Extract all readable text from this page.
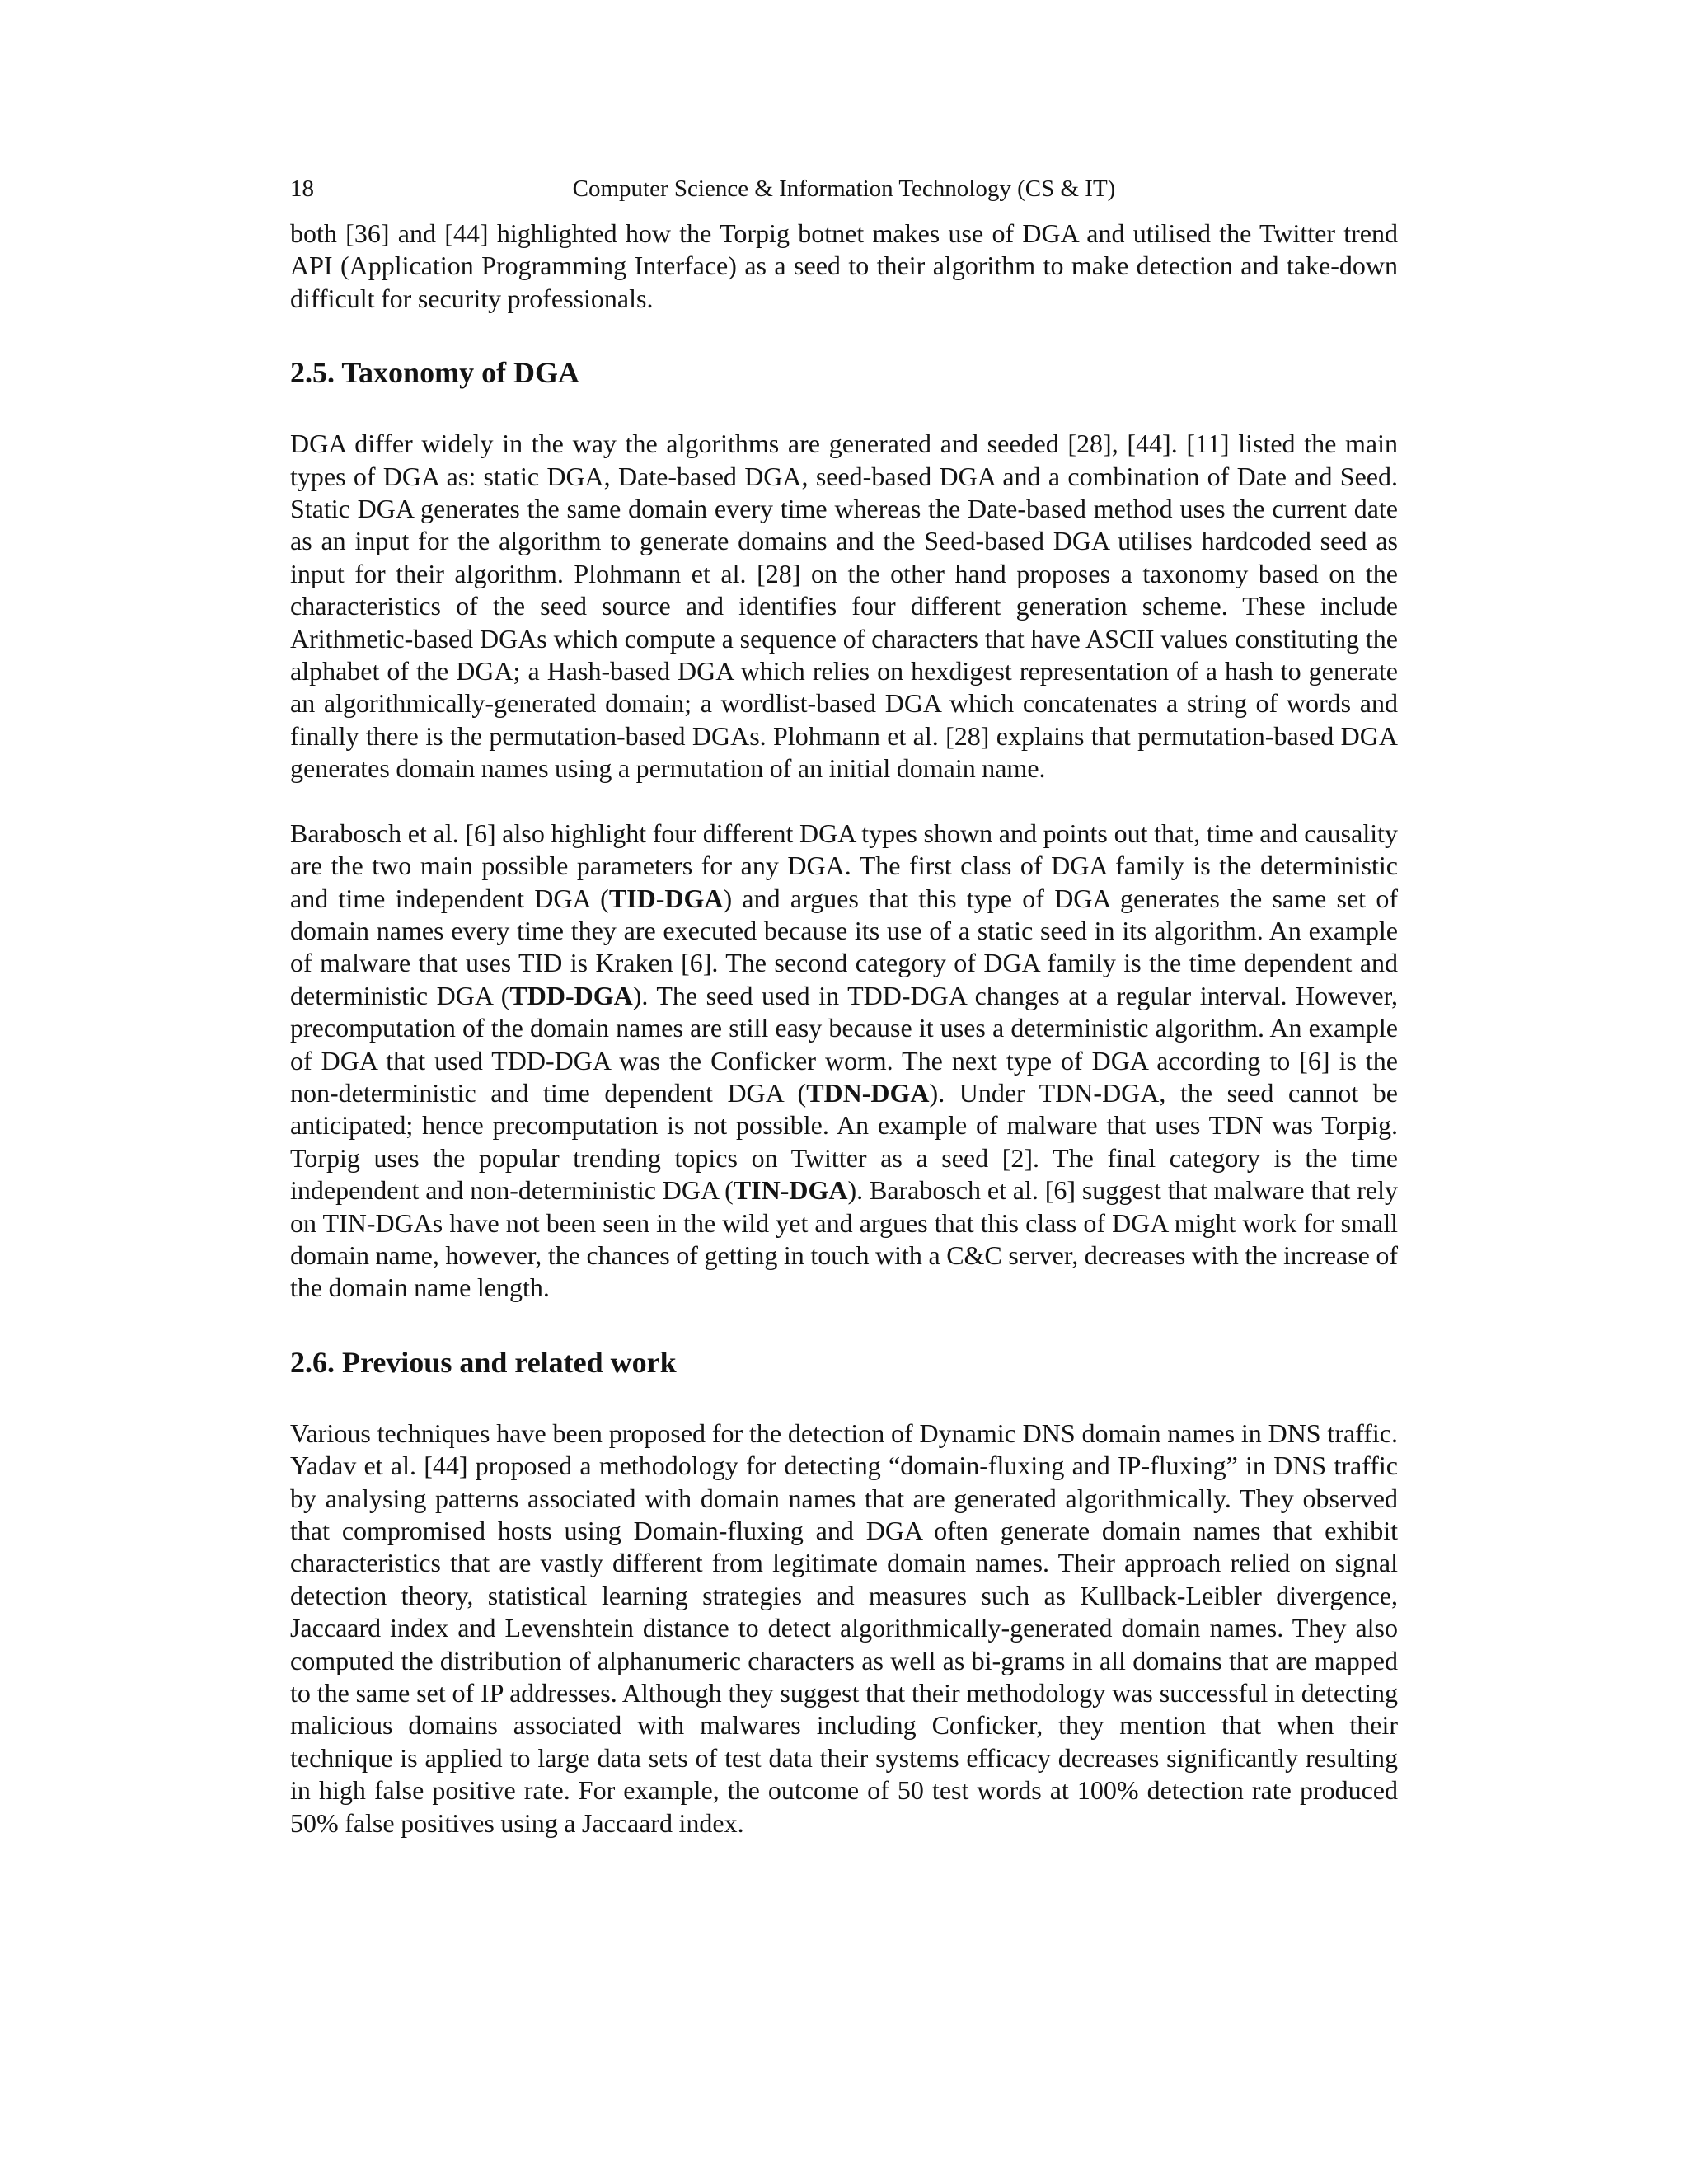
18	Computer Science & Information Technology (CS & IT)

both [36] and [44] highlighted how the Torpig botnet makes use of DGA and utilised the Twitter trend API (Application Programming Interface) as a seed to their algorithm to make detection and take-down difficult for security professionals.

2.5. Taxonomy of DGA

DGA differ widely in the way the algorithms are generated and seeded [28], [44]. [11] listed the main types of DGA as: static DGA, Date-based DGA, seed-based DGA and a combination of Date and Seed. Static DGA generates the same domain every time whereas the Date-based method uses the current date as an input for the algorithm to generate domains and the Seed-based DGA utilises hardcoded seed as input for their algorithm. Plohmann et al. [28] on the other hand proposes a taxonomy based on the characteristics of the seed source and identifies four different generation scheme. These include Arithmetic-based DGAs which compute a sequence of characters that have ASCII values constituting the alphabet of the DGA; a Hash-based DGA which relies on hexdigest representation of a hash to generate an algorithmically-generated domain; a wordlist-based DGA which concatenates a string of words and finally there is the permutation-based DGAs. Plohmann et al. [28] explains that permutation-based DGA generates domain names using a permutation of an initial domain name.

Barabosch et al. [6] also highlight four different DGA types shown and points out that, time and causality are the two main possible parameters for any DGA. The first class of DGA family is the deterministic and time independent DGA (TID-DGA) and argues that this type of DGA generates the same set of domain names every time they are executed because its use of a static seed in its algorithm. An example of malware that uses TID is Kraken [6]. The second category of DGA family is the time dependent and deterministic DGA (TDD-DGA). The seed used in TDD-DGA changes at a regular interval. However, precomputation of the domain names are still easy because it uses a deterministic algorithm. An example of DGA that used TDD-DGA was the Conficker worm. The next type of DGA according to [6] is the non-deterministic and time dependent DGA (TDN-DGA). Under TDN-DGA, the seed cannot be anticipated; hence precomputation is not possible. An example of malware that uses TDN was Torpig. Torpig uses the popular trending topics on Twitter as a seed [2]. The final category is the time independent and non-deterministic DGA (TIN-DGA). Barabosch et al. [6] suggest that malware that rely on TIN-DGAs have not been seen in the wild yet and argues that this class of DGA might work for small domain name, however, the chances of getting in touch with a C&C server, decreases with the increase of the domain name length.

2.6. Previous and related work

Various techniques have been proposed for the detection of Dynamic DNS domain names in DNS traffic. Yadav et al. [44] proposed a methodology for detecting “domain-fluxing and IP-fluxing” in DNS traffic by analysing patterns associated with domain names that are generated algorithmically. They observed that compromised hosts using Domain-fluxing and DGA often generate domain names that exhibit characteristics that are vastly different from legitimate domain names. Their approach relied on signal detection theory, statistical learning strategies and measures such as Kullback-Leibler divergence, Jaccaard index and Levenshtein distance to detect algorithmically-generated domain names. They also computed the distribution of alphanumeric characters as well as bi-grams in all domains that are mapped to the same set of IP addresses. Although they suggest that their methodology was successful in detecting malicious domains associated with malwares including Conficker, they mention that when their technique is applied to large data sets of test data their systems efficacy decreases significantly resulting in high false positive rate. For example, the outcome of 50 test words at 100% detection rate produced 50% false positives using a Jaccaard index.
